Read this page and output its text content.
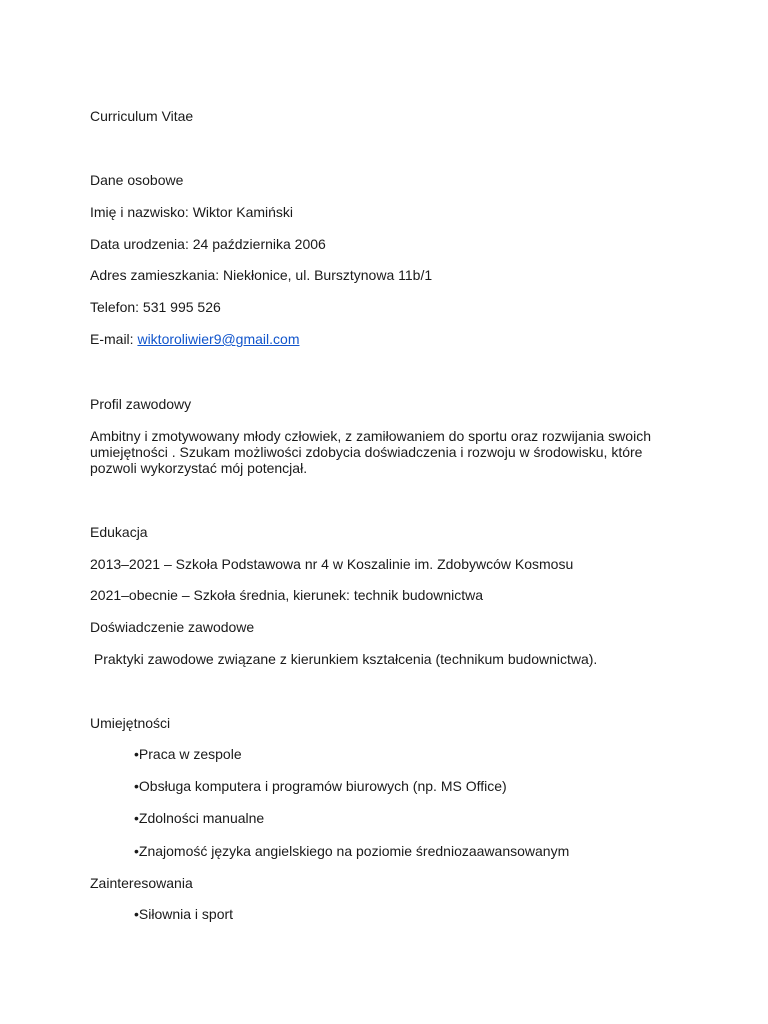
Curriculum Vitae
Dane osobowe
Imię i nazwisko: Wiktor Kamiński
Data urodzenia: 24 października 2006
Adres zamieszkania: Niekłonice, ul. Bursztynowa 11b/1
Telefon: 531 995 526
E-mail: wiktoroliwier9@gmail.com
Profil zawodowy
Ambitny i zmotywowany młody człowiek, z zamiłowaniem do sportu oraz rozwijania swoich umiejętności . Szukam możliwości zdobycia doświadczenia i rozwoju w środowisku, które pozwoli wykorzystać mój potencjał.
Edukacja
2013–2021 – Szkoła Podstawowa nr 4 w Koszalinie im. Zdobywców Kosmosu
2021–obecnie – Szkoła średnia, kierunek: technik budownictwa
Doświadczenie zawodowe
Praktyki zawodowe związane z kierunkiem kształcenia (technikum budownictwa).
Umiejętności
•Praca w zespole
•Obsługa komputera i programów biurowych (np. MS Office)
•Zdolności manualne
•Znajomość języka angielskiego na poziomie średniozaawansowanym
Zainteresowania
•Siłownia i sport
